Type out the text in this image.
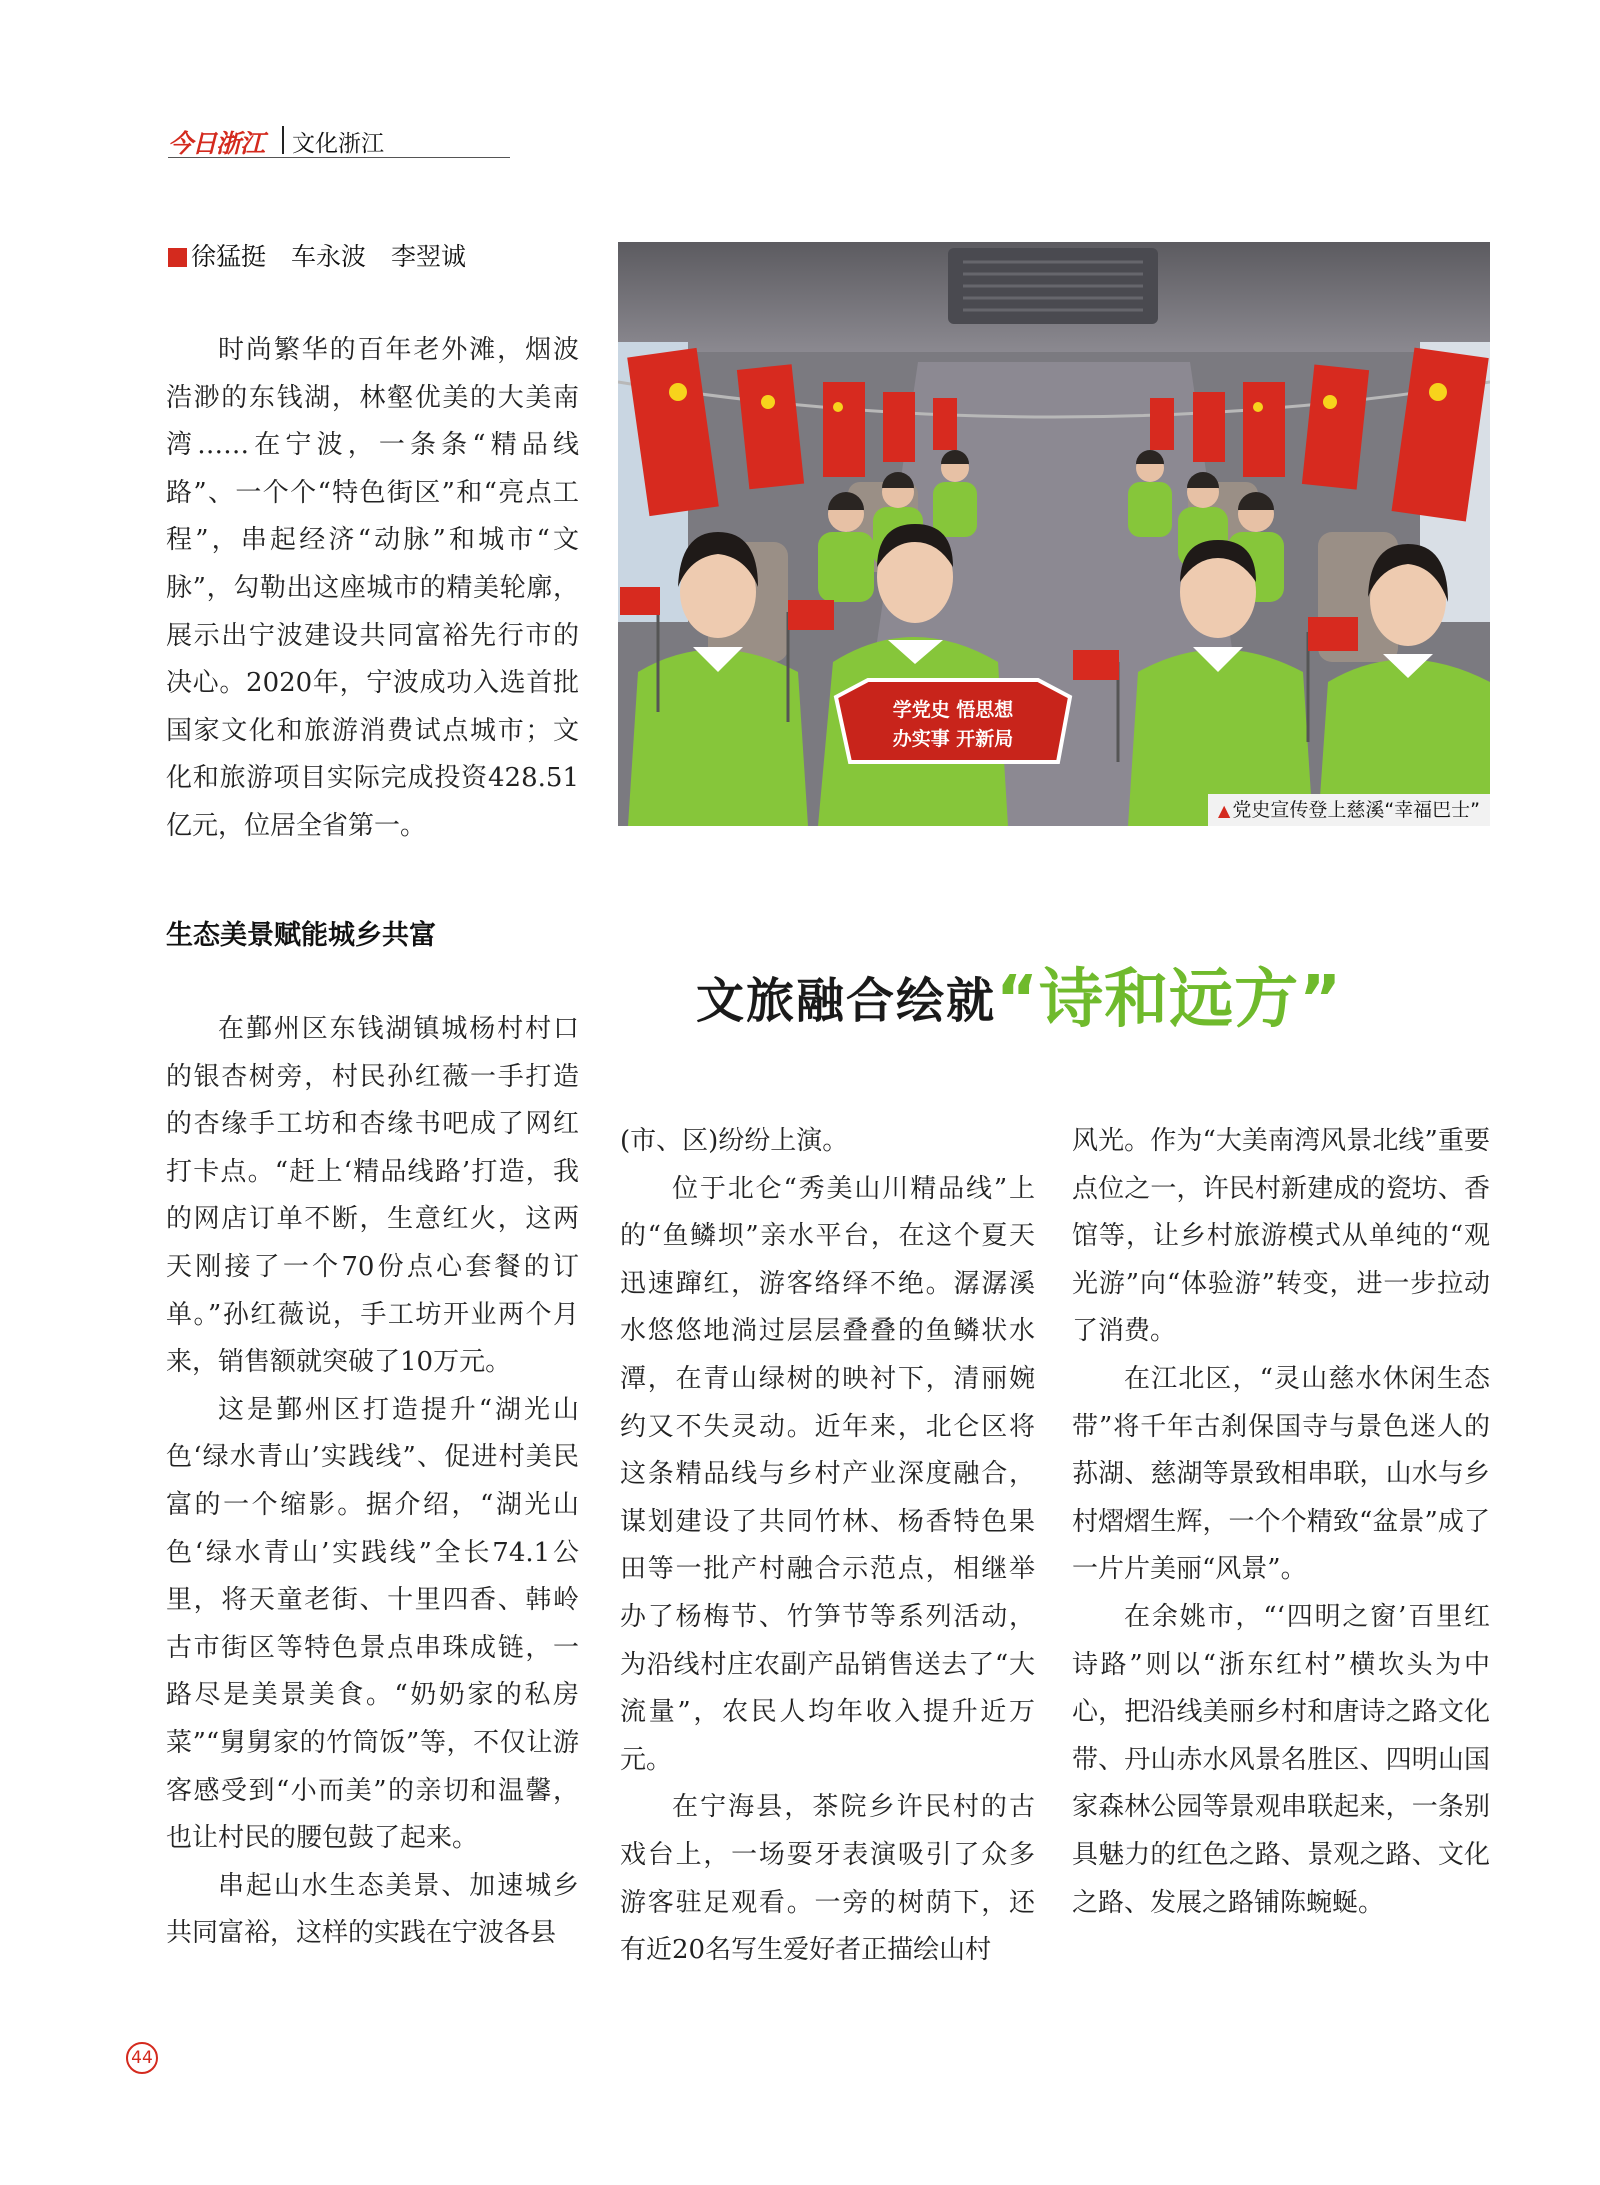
今日浙江 文化浙江
徐猛挺　车永波　李翌诚

时尚繁华的百年老外滩，烟波浩渺的东钱湖，林壑优美的大美南湾……在宁波，一条条“精品线路”、一个个“特色街区”和“亮点工程”，串起经济“动脉”和城市“文脉”，勾勒出这座城市的精美轮廓，展示出宁波建设共同富裕先行市的决心。2020年，宁波成功入选首批国家文化和旅游消费试点城市；文化和旅游项目实际完成投资428.51亿元，位居全省第一。

学党史 悟思想
办实事 开新局
▲ 党史宣传登上慈溪“幸福巴士”
生态美景赋能城乡共富
文旅融合绘就“诗和远方”

在鄞州区东钱湖镇城杨村村口的银杏树旁，村民孙红薇一手打造的杏缘手工坊和杏缘书吧成了网红打卡点。“赶上‘精品线路’打造，我的网店订单不断，生意红火，这两天刚接了一个70份点心套餐的订单。”孙红薇说，手工坊开业两个月来，销售额就突破了10万元。

这是鄞州区打造提升“湖光山色‘绿水青山’实践线”、促进村美民富的一个缩影。据介绍，“湖光山色‘绿水青山’实践线”全长74.1公里，将天童老街、十里四香、韩岭古市街区等特色景点串珠成链，一路尽是美景美食。“奶奶家的私房菜”“舅舅家的竹筒饭”等，不仅让游客感受到“小而美”的亲切和温馨，也让村民的腰包鼓了起来。

串起山水生态美景、加速城乡共同富裕，这样的实践在宁波各县

(市、区)纷纷上演。

位于北仑“秀美山川精品线”上的“鱼鳞坝”亲水平台，在这个夏天迅速蹿红，游客络绎不绝。潺潺溪水悠悠地淌过层层叠叠的鱼鳞状水潭，在青山绿树的映衬下，清丽婉约又不失灵动。近年来，北仑区将这条精品线与乡村产业深度融合，谋划建设了共同竹林、杨香特色果田等一批产村融合示范点，相继举办了杨梅节、竹笋节等系列活动，为沿线村庄农副产品销售送去了“大流量”，农民人均年收入提升近万元。

在宁海县，茶院乡许民村的古戏台上，一场耍牙表演吸引了众多游客驻足观看。一旁的树荫下，还有近20名写生爱好者正描绘山村

风光。作为“大美南湾风景北线”重要点位之一，许民村新建成的瓷坊、香馆等，让乡村旅游模式从单纯的“观光游”向“体验游”转变，进一步拉动了消费。

在江北区，“灵山慈水休闲生态带”将千年古刹保国寺与景色迷人的荪湖、慈湖等景致相串联，山水与乡村熠熠生辉，一个个精致“盆景”成了一片片美丽“风景”。

在余姚市，“‘四明之窗’百里红诗路”则以“浙东红村”横坎头为中心，把沿线美丽乡村和唐诗之路文化带、丹山赤水风景名胜区、四明山国家森林公园等景观串联起来，一条别具魅力的红色之路、景观之路、文化之路、发展之路铺陈蜿蜒。

44
